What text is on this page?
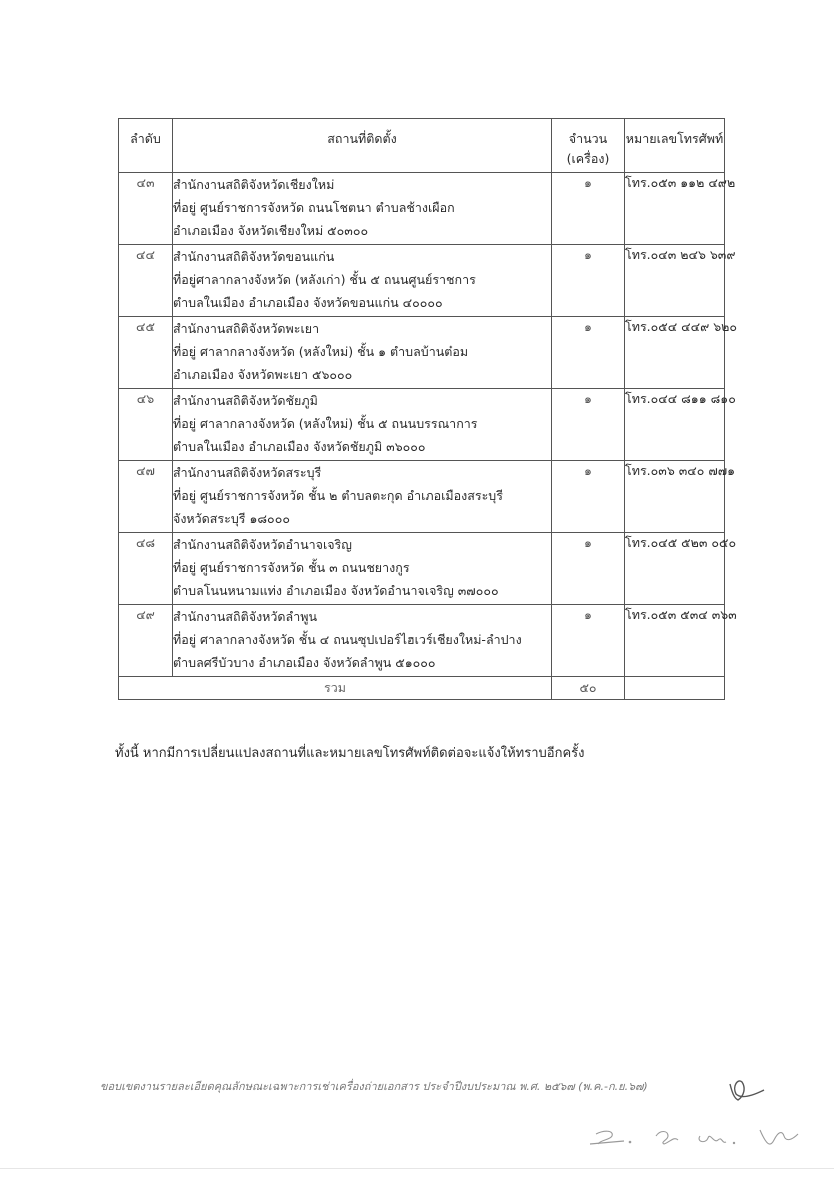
ลำดับ	สถานที่ติดตั้ง	จำนวน
(เครื่อง)	หมายเลขโทรศัพท์
๔๓	สำนักงานสถิติจังหวัดเชียงใหม่
ที่อยู่ ศูนย์ราชการจังหวัด ถนนโชตนา ตำบลช้างเผือก
อำเภอเมือง จังหวัดเชียงใหม่ ๕๐๓๐๐	๑	โทร.๐๕๓ ๑๑๒ ๔๙๒
๔๔	สำนักงานสถิติจังหวัดขอนแก่น
ที่อยู่ศาลากลางจังหวัด (หลังเก่า) ชั้น ๕ ถนนศูนย์ราชการ
ตำบลในเมือง อำเภอเมือง จังหวัดขอนแก่น ๔๐๐๐๐	๑	โทร.๐๔๓ ๒๔๖ ๖๓๙
๔๕	สำนักงานสถิติจังหวัดพะเยา
ที่อยู่ ศาลากลางจังหวัด (หลังใหม่) ชั้น ๑ ตำบลบ้านต๋อม
อำเภอเมือง จังหวัดพะเยา ๕๖๐๐๐	๑	โทร.๐๕๔ ๔๔๙ ๖๒๐
๔๖	สำนักงานสถิติจังหวัดชัยภูมิ
ที่อยู่ ศาลากลางจังหวัด (หลังใหม่) ชั้น ๕ ถนนบรรณาการ
ตำบลในเมือง อำเภอเมือง จังหวัดชัยภูมิ ๓๖๐๐๐	๑	โทร.๐๔๔ ๘๑๑ ๘๑๐
๔๗	สำนักงานสถิติจังหวัดสระบุรี
ที่อยู่ ศูนย์ราชการจังหวัด ชั้น ๒ ตำบลตะกุด อำเภอเมืองสระบุรี
จังหวัดสระบุรี ๑๘๐๐๐	๑	โทร.๐๓๖ ๓๔๐ ๗๗๑
๔๘	สำนักงานสถิติจังหวัดอำนาจเจริญ
ที่อยู่ ศูนย์ราชการจังหวัด ชั้น ๓ ถนนชยางกูร
ตำบลโนนหนามแท่ง อำเภอเมือง จังหวัดอำนาจเจริญ ๓๗๐๐๐	๑	โทร.๐๔๕ ๕๒๓ ๐๕๐
๔๙	สำนักงานสถิติจังหวัดลำพูน
ที่อยู่ ศาลากลางจังหวัด ชั้น ๔ ถนนซุปเปอร์ไฮเวร์เชียงใหม่-ลำปาง
ตำบลศรีบัวบาง อำเภอเมือง จังหวัดลำพูน ๕๑๐๐๐	๑	โทร.๐๕๓ ๕๓๔ ๓๖๓
รวม		๕๐	
ทั้งนี้ หากมีการเปลี่ยนแปลงสถานที่และหมายเลขโทรศัพท์ติดต่อจะแจ้งให้ทราบอีกครั้ง
ขอบเขตงานรายละเอียดคุณลักษณะเฉพาะการเช่าเครื่องถ่ายเอกสาร ประจำปีงบประมาณ พ.ศ. ๒๕๖๗ (พ.ค.-ก.ย.๖๗)
